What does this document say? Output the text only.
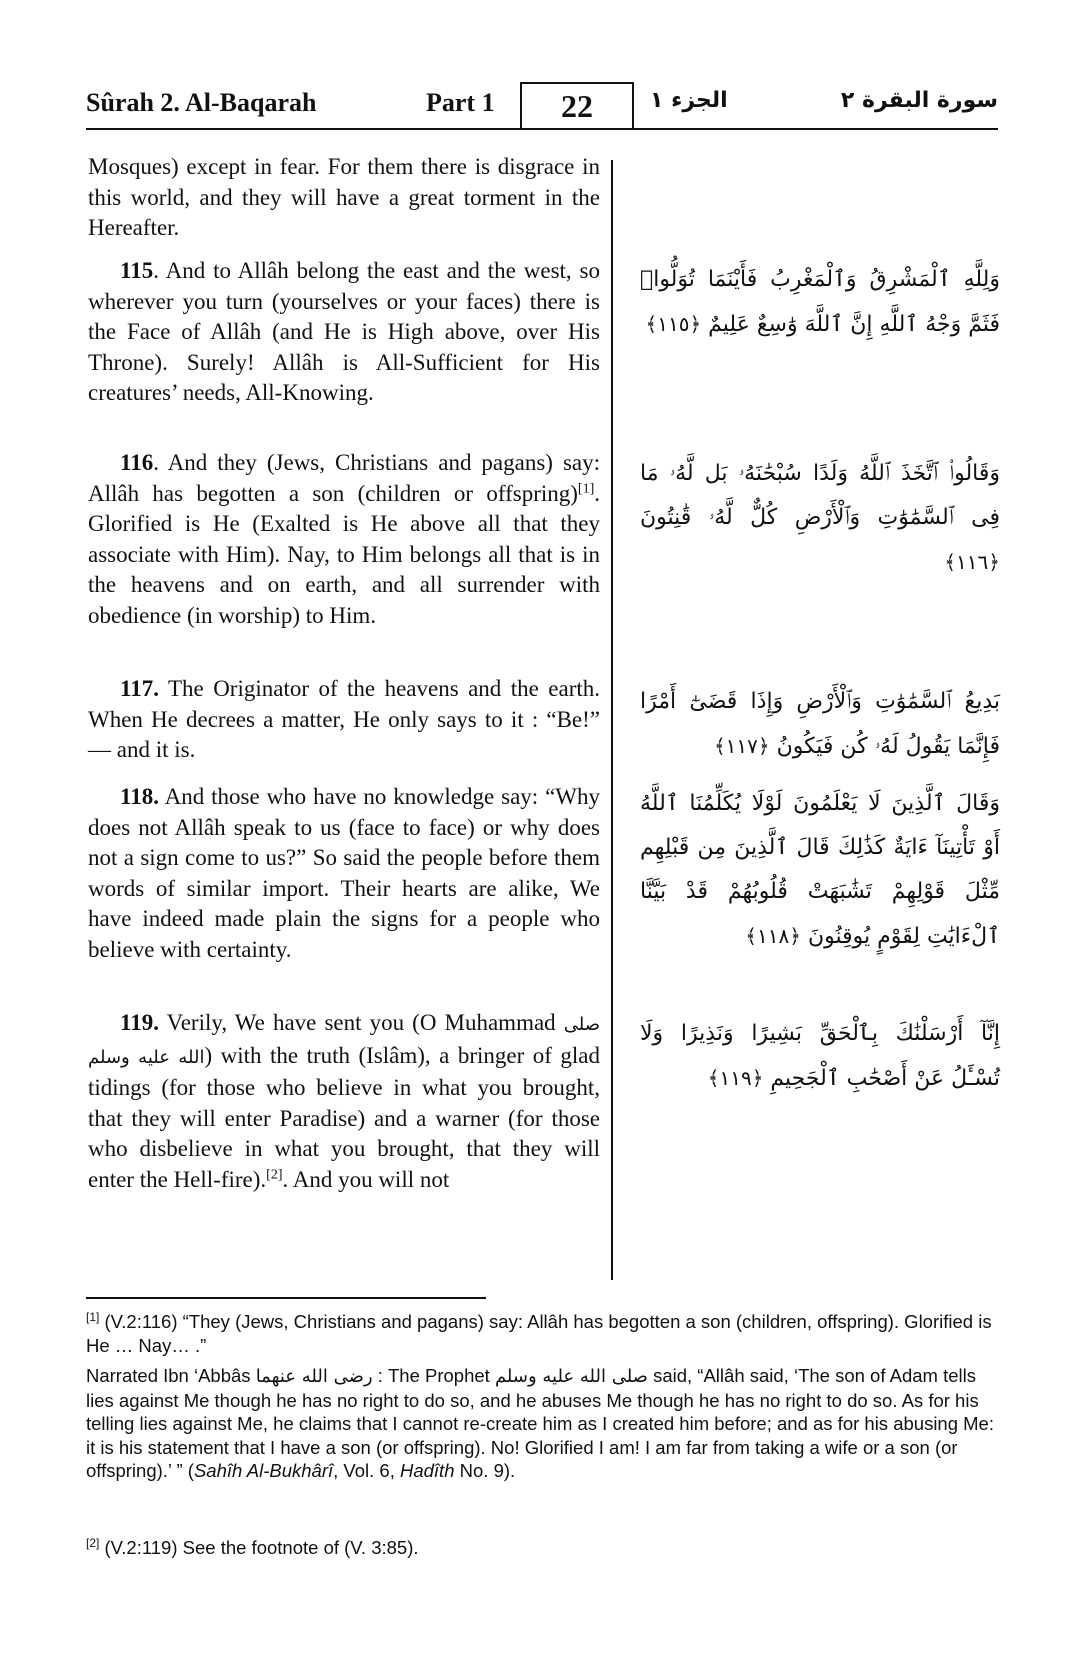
Sûrah 2. Al-Baqarah	Part 1	22	الجزء ١	سورة البقرة ٢

Mosques) except in fear. For them there is disgrace in this world, and they will have a great torment in the Hereafter.

115. And to Allâh belong the east and the west, so wherever you turn (yourselves or your faces) there is the Face of Allâh (and He is High above, over His Throne). Surely! Allâh is All-Sufficient for His creatures’ needs, All-Knowing.

116. And they (Jews, Christians and pagans) say: Allâh has begotten a son (children or offspring)[1]. Glorified is He (Exalted is He above all that they associate with Him). Nay, to Him belongs all that is in the heavens and on earth, and all surrender with obedience (in worship) to Him.

117. The Originator of the heavens and the earth. When He decrees a matter, He only says to it : “Be!” — and it is.

118. And those who have no knowledge say: “Why does not Allâh speak to us (face to face) or why does not a sign come to us?” So said the people before them words of similar import. Their hearts are alike, We have indeed made plain the signs for a people who believe with certainty.

119. Verily, We have sent you (O Muhammad صلى الله عليه وسلم) with the truth (Islâm), a bringer of glad tidings (for those who believe in what you brought, that they will enter Paradise) and a warner (for those who disbelieve in what you brought, that they will enter the Hell-fire).[2]. And you will not

وَلِلَّهِ ٱلْمَشْرِقُ وَٱلْمَغْرِبُ فَأَيْنَمَا تُوَلُّوا۟ فَثَمَّ وَجْهُ ٱللَّهِ إِنَّ ٱللَّهَ وَٰسِعٌ عَلِيمٌ ﴿١١٥﴾
وَقَالُوا۟ ٱتَّخَذَ ٱللَّهُ وَلَدًا سُبْحَٰنَهُۥ بَل لَّهُۥ مَا فِى ٱلسَّمَٰوَٰتِ وَٱلْأَرْضِ كُلٌّ لَّهُۥ قَٰنِتُونَ ﴿١١٦﴾
بَدِيعُ ٱلسَّمَٰوَٰتِ وَٱلْأَرْضِ وَإِذَا قَضَىٰٓ أَمْرًا فَإِنَّمَا يَقُولُ لَهُۥ كُن فَيَكُونُ ﴿١١٧﴾
وَقَالَ ٱلَّذِينَ لَا يَعْلَمُونَ لَوْلَا يُكَلِّمُنَا ٱللَّهُ أَوْ تَأْتِينَآ ءَايَةٌ كَذَٰلِكَ قَالَ ٱلَّذِينَ مِن قَبْلِهِم مِّثْلَ قَوْلِهِمْ تَشَٰبَهَتْ قُلُوبُهُمْ قَدْ بَيَّنَّا ٱلْءَايَٰتِ لِقَوْمٍ يُوقِنُونَ ﴿١١٨﴾
إِنَّآ أَرْسَلْنَٰكَ بِٱلْحَقِّ بَشِيرًا وَنَذِيرًا وَلَا تُسْـَٔلُ عَنْ أَصْحَٰبِ ٱلْجَحِيمِ ﴿١١٩﴾

[1] (V.2:116) “They (Jews, Christians and pagans) say: Allâh has begotten a son (children, offspring). Glorified is He … Nay… .”

Narrated Ibn ‘Abbâs رضى الله عنهما : The Prophet صلى الله عليه وسلم said, “Allâh said, ‘The son of Adam tells lies against Me though he has no right to do so, and he abuses Me though he has no right to do so. As for his telling lies against Me, he claims that I cannot re-create him as I created him before; and as for his abusing Me: it is his statement that I have a son (or offspring). No! Glorified I am! I am far from taking a wife or a son (or offspring).’ ” (Sahîh Al-Bukhârî, Vol. 6, Hadîth No. 9).

[2] (V.2:119) See the footnote of (V. 3:85).
